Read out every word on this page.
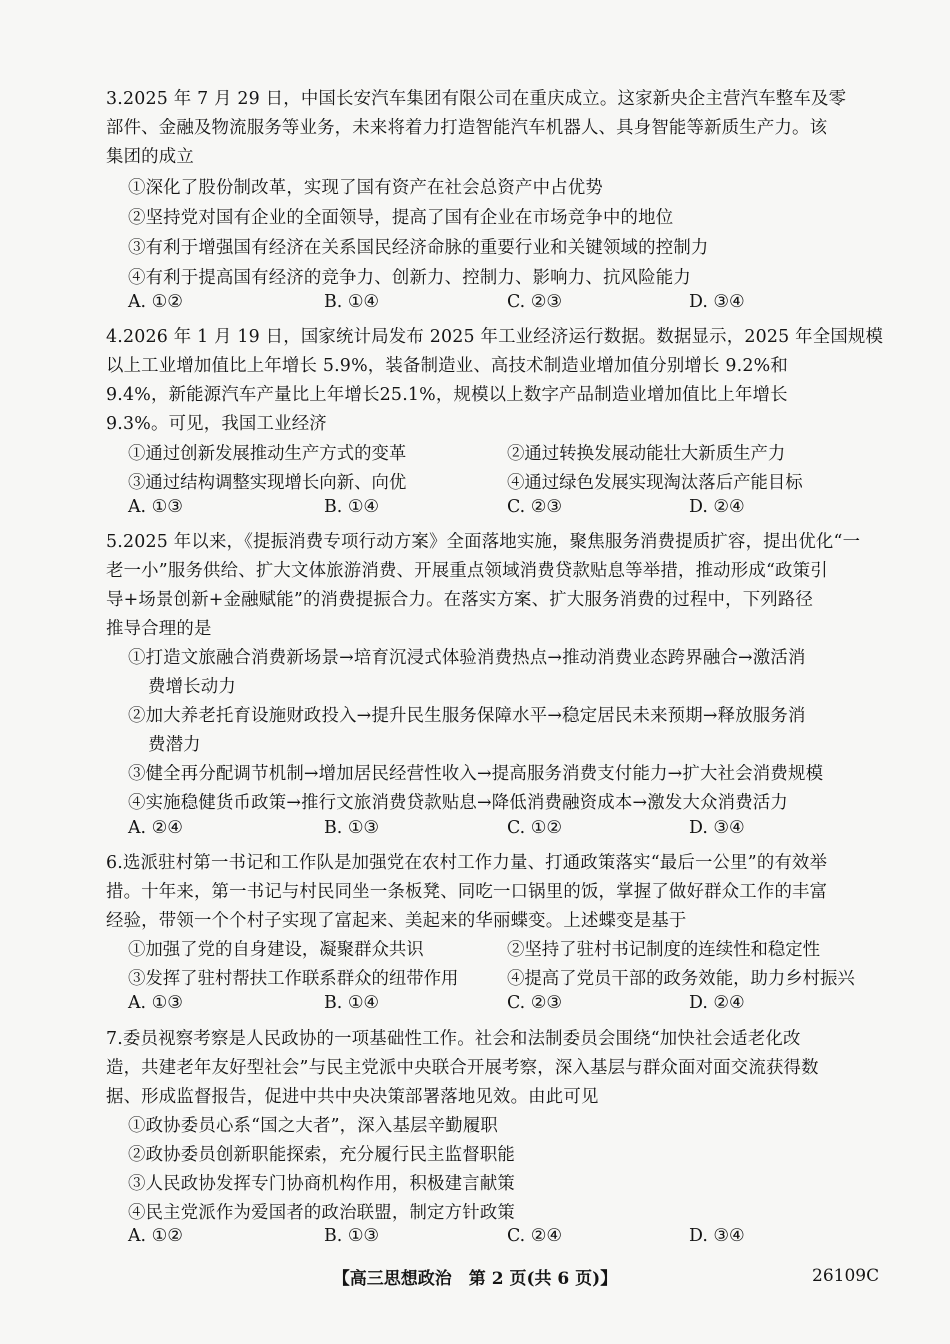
3.2025 年 7 月 29 日，中国长安汽车集团有限公司在重庆成立。这家新央企主营汽车整车及零
部件、金融及物流服务等业务，未来将着力打造智能汽车机器人、具身智能等新质生产力。该
集团的成立
①深化了股份制改革，实现了国有资产在社会总资产中占优势
②坚持党对国有企业的全面领导，提高了国有企业在市场竞争中的地位
③有利于增强国有经济在关系国民经济命脉的重要行业和关键领域的控制力
④有利于提高国有经济的竞争力、创新力、控制力、影响力、抗风险能力
A. ①②	B. ①④	C. ②③	D. ③④
4.2026 年 1 月 19 日，国家统计局发布 2025 年工业经济运行数据。数据显示，2025 年全国规模
以上工业增加值比上年增长 5.9%，装备制造业、高技术制造业增加值分别增长 9.2%和
9.4%，新能源汽车产量比上年增长25.1%，规模以上数字产品制造业增加值比上年增长
9.3%。可见，我国工业经济
①通过创新发展推动生产方式的变革	②通过转换发展动能壮大新质生产力
③通过结构调整实现增长向新、向优	④通过绿色发展实现淘汰落后产能目标
A. ①③	B. ①④	C. ②③	D. ②④
5.2025 年以来，《提振消费专项行动方案》全面落地实施，聚焦服务消费提质扩容，提出优化“一
老一小”服务供给、扩大文体旅游消费、开展重点领域消费贷款贴息等举措，推动形成“政策引
导+场景创新+金融赋能”的消费提振合力。在落实方案、扩大服务消费的过程中，下列路径
推导合理的是
①打造文旅融合消费新场景→培育沉浸式体验消费热点→推动消费业态跨界融合→激活消
费增长动力
②加大养老托育设施财政投入→提升民生服务保障水平→稳定居民未来预期→释放服务消
费潜力
③健全再分配调节机制→增加居民经营性收入→提高服务消费支付能力→扩大社会消费规模
④实施稳健货币政策→推行文旅消费贷款贴息→降低消费融资成本→激发大众消费活力
A. ②④	B. ①③	C. ①②	D. ③④
6.选派驻村第一书记和工作队是加强党在农村工作力量、打通政策落实“最后一公里”的有效举
措。十年来，第一书记与村民同坐一条板凳、同吃一口锅里的饭，掌握了做好群众工作的丰富
经验，带领一个个村子实现了富起来、美起来的华丽蝶变。上述蝶变是基于
①加强了党的自身建设，凝聚群众共识	②坚持了驻村书记制度的连续性和稳定性
③发挥了驻村帮扶工作联系群众的纽带作用	④提高了党员干部的政务效能，助力乡村振兴
A. ①③	B. ①④	C. ②③	D. ②④
7.委员视察考察是人民政协的一项基础性工作。社会和法制委员会围绕“加快社会适老化改
造，共建老年友好型社会”与民主党派中央联合开展考察，深入基层与群众面对面交流获得数
据、形成监督报告，促进中共中央决策部署落地见效。由此可见
①政协委员心系“国之大者”，深入基层辛勤履职
②政协委员创新职能探索，充分履行民主监督职能
③人民政协发挥专门协商机构作用，积极建言献策
④民主党派作为爱国者的政治联盟，制定方针政策
A. ①②	B. ①③	C. ②④	D. ③④
【高三思想政治　第 2 页(共 6 页)】	26109C
